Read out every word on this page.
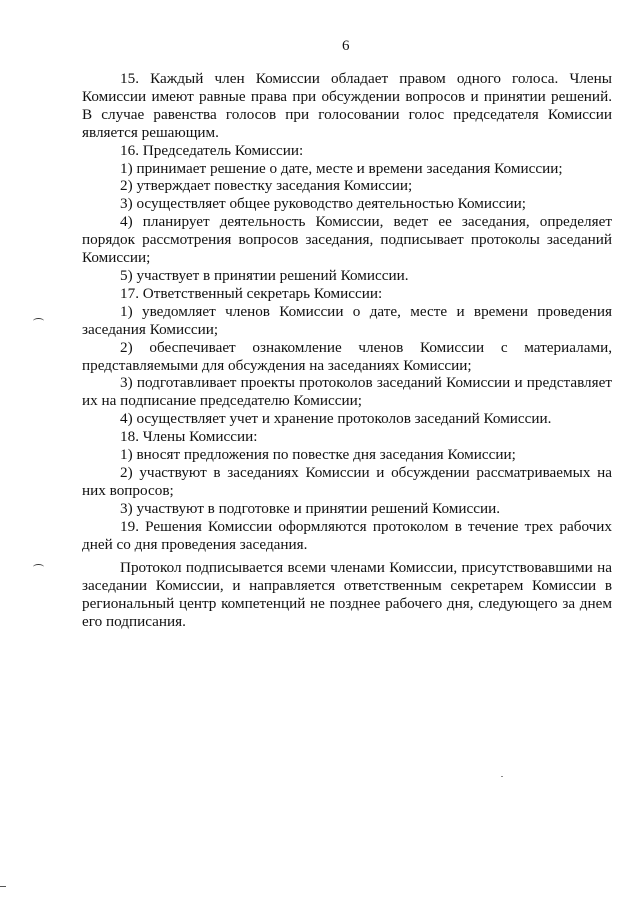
6

15. Каждый член Комиссии обладает правом одного голоса. Члены Комиссии имеют равные права при обсуждении вопросов и принятии решений. В случае равенства голосов при голосовании голос председателя Комиссии является решающим.

16. Председатель Комиссии:

1) принимает решение о дате, месте и времени заседания Комиссии;

2) утверждает повестку заседания Комиссии;

3) осуществляет общее руководство деятельностью Комиссии;

4) планирует деятельность Комиссии, ведет ее заседания, определяет порядок рассмотрения вопросов заседания, подписывает протоколы заседаний Комиссии;

5) участвует в принятии решений Комиссии.

17. Ответственный секретарь Комиссии:

1) уведомляет членов Комиссии о дате, месте и времени проведения заседания Комиссии;

2) обеспечивает ознакомление членов Комиссии с материалами, представляемыми для обсуждения на заседаниях Комиссии;

3) подготавливает проекты протоколов заседаний Комиссии и представляет их на подписание председателю Комиссии;

4) осуществляет учет и хранение протоколов заседаний Комиссии.

18. Члены Комиссии:

1) вносят предложения по повестке дня заседания Комиссии;

2) участвуют в заседаниях Комиссии и обсуждении рассматриваемых на них вопросов;

3) участвуют в подготовке и принятии решений Комиссии.

19. Решения Комиссии оформляются протоколом в течение трех рабочих дней со дня проведения заседания.

Протокол подписывается всеми членами Комиссии, присутствовавшими на заседании Комиссии, и направляется ответственным секретарем Комиссии в региональный центр компетенций не позднее рабочего дня, следующего за днем его подписания.
